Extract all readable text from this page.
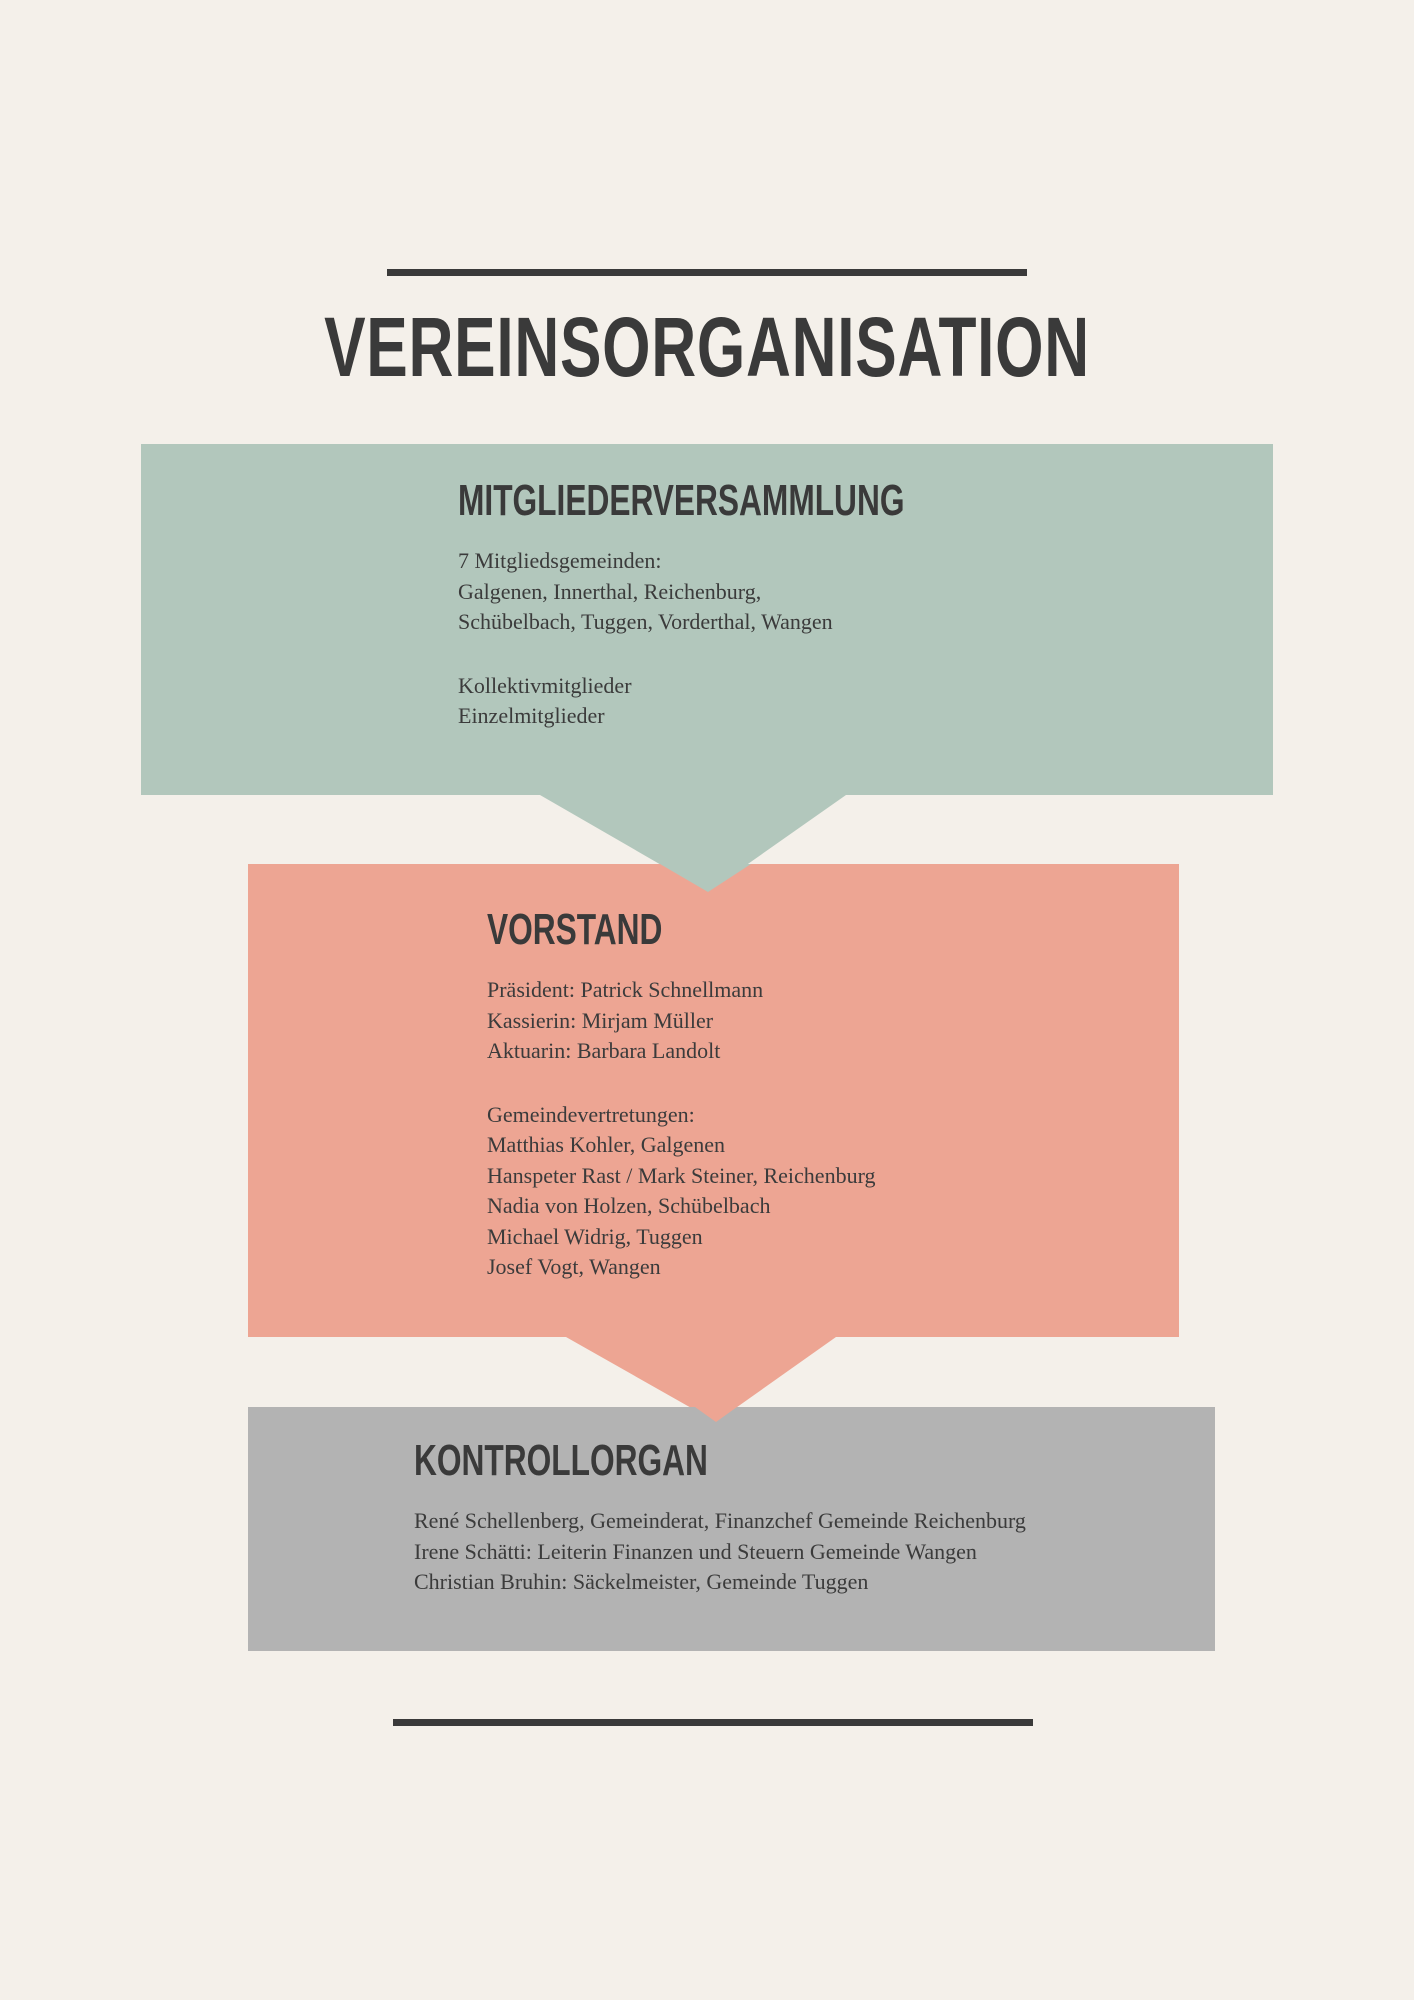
VEREINSORGANISATION
MITGLIEDERVERSAMMLUNG
7 Mitgliedsgemeinden:
Galgenen, Innerthal, Reichenburg,
Schübelbach, Tuggen, Vorderthal, Wangen
Kollektivmitglieder
Einzelmitglieder
VORSTAND
Präsident: Patrick Schnellmann
Kassierin: Mirjam Müller
Aktuarin: Barbara Landolt
Gemeindevertretungen:
Matthias Kohler, Galgenen
Hanspeter Rast / Mark Steiner, Reichenburg
Nadia von Holzen, Schübelbach
Michael Widrig, Tuggen
Josef Vogt, Wangen
KONTROLLORGAN
René Schellenberg, Gemeinderat, Finanzchef Gemeinde Reichenburg
Irene Schätti: Leiterin Finanzen und Steuern Gemeinde Wangen
Christian Bruhin: Säckelmeister, Gemeinde Tuggen
